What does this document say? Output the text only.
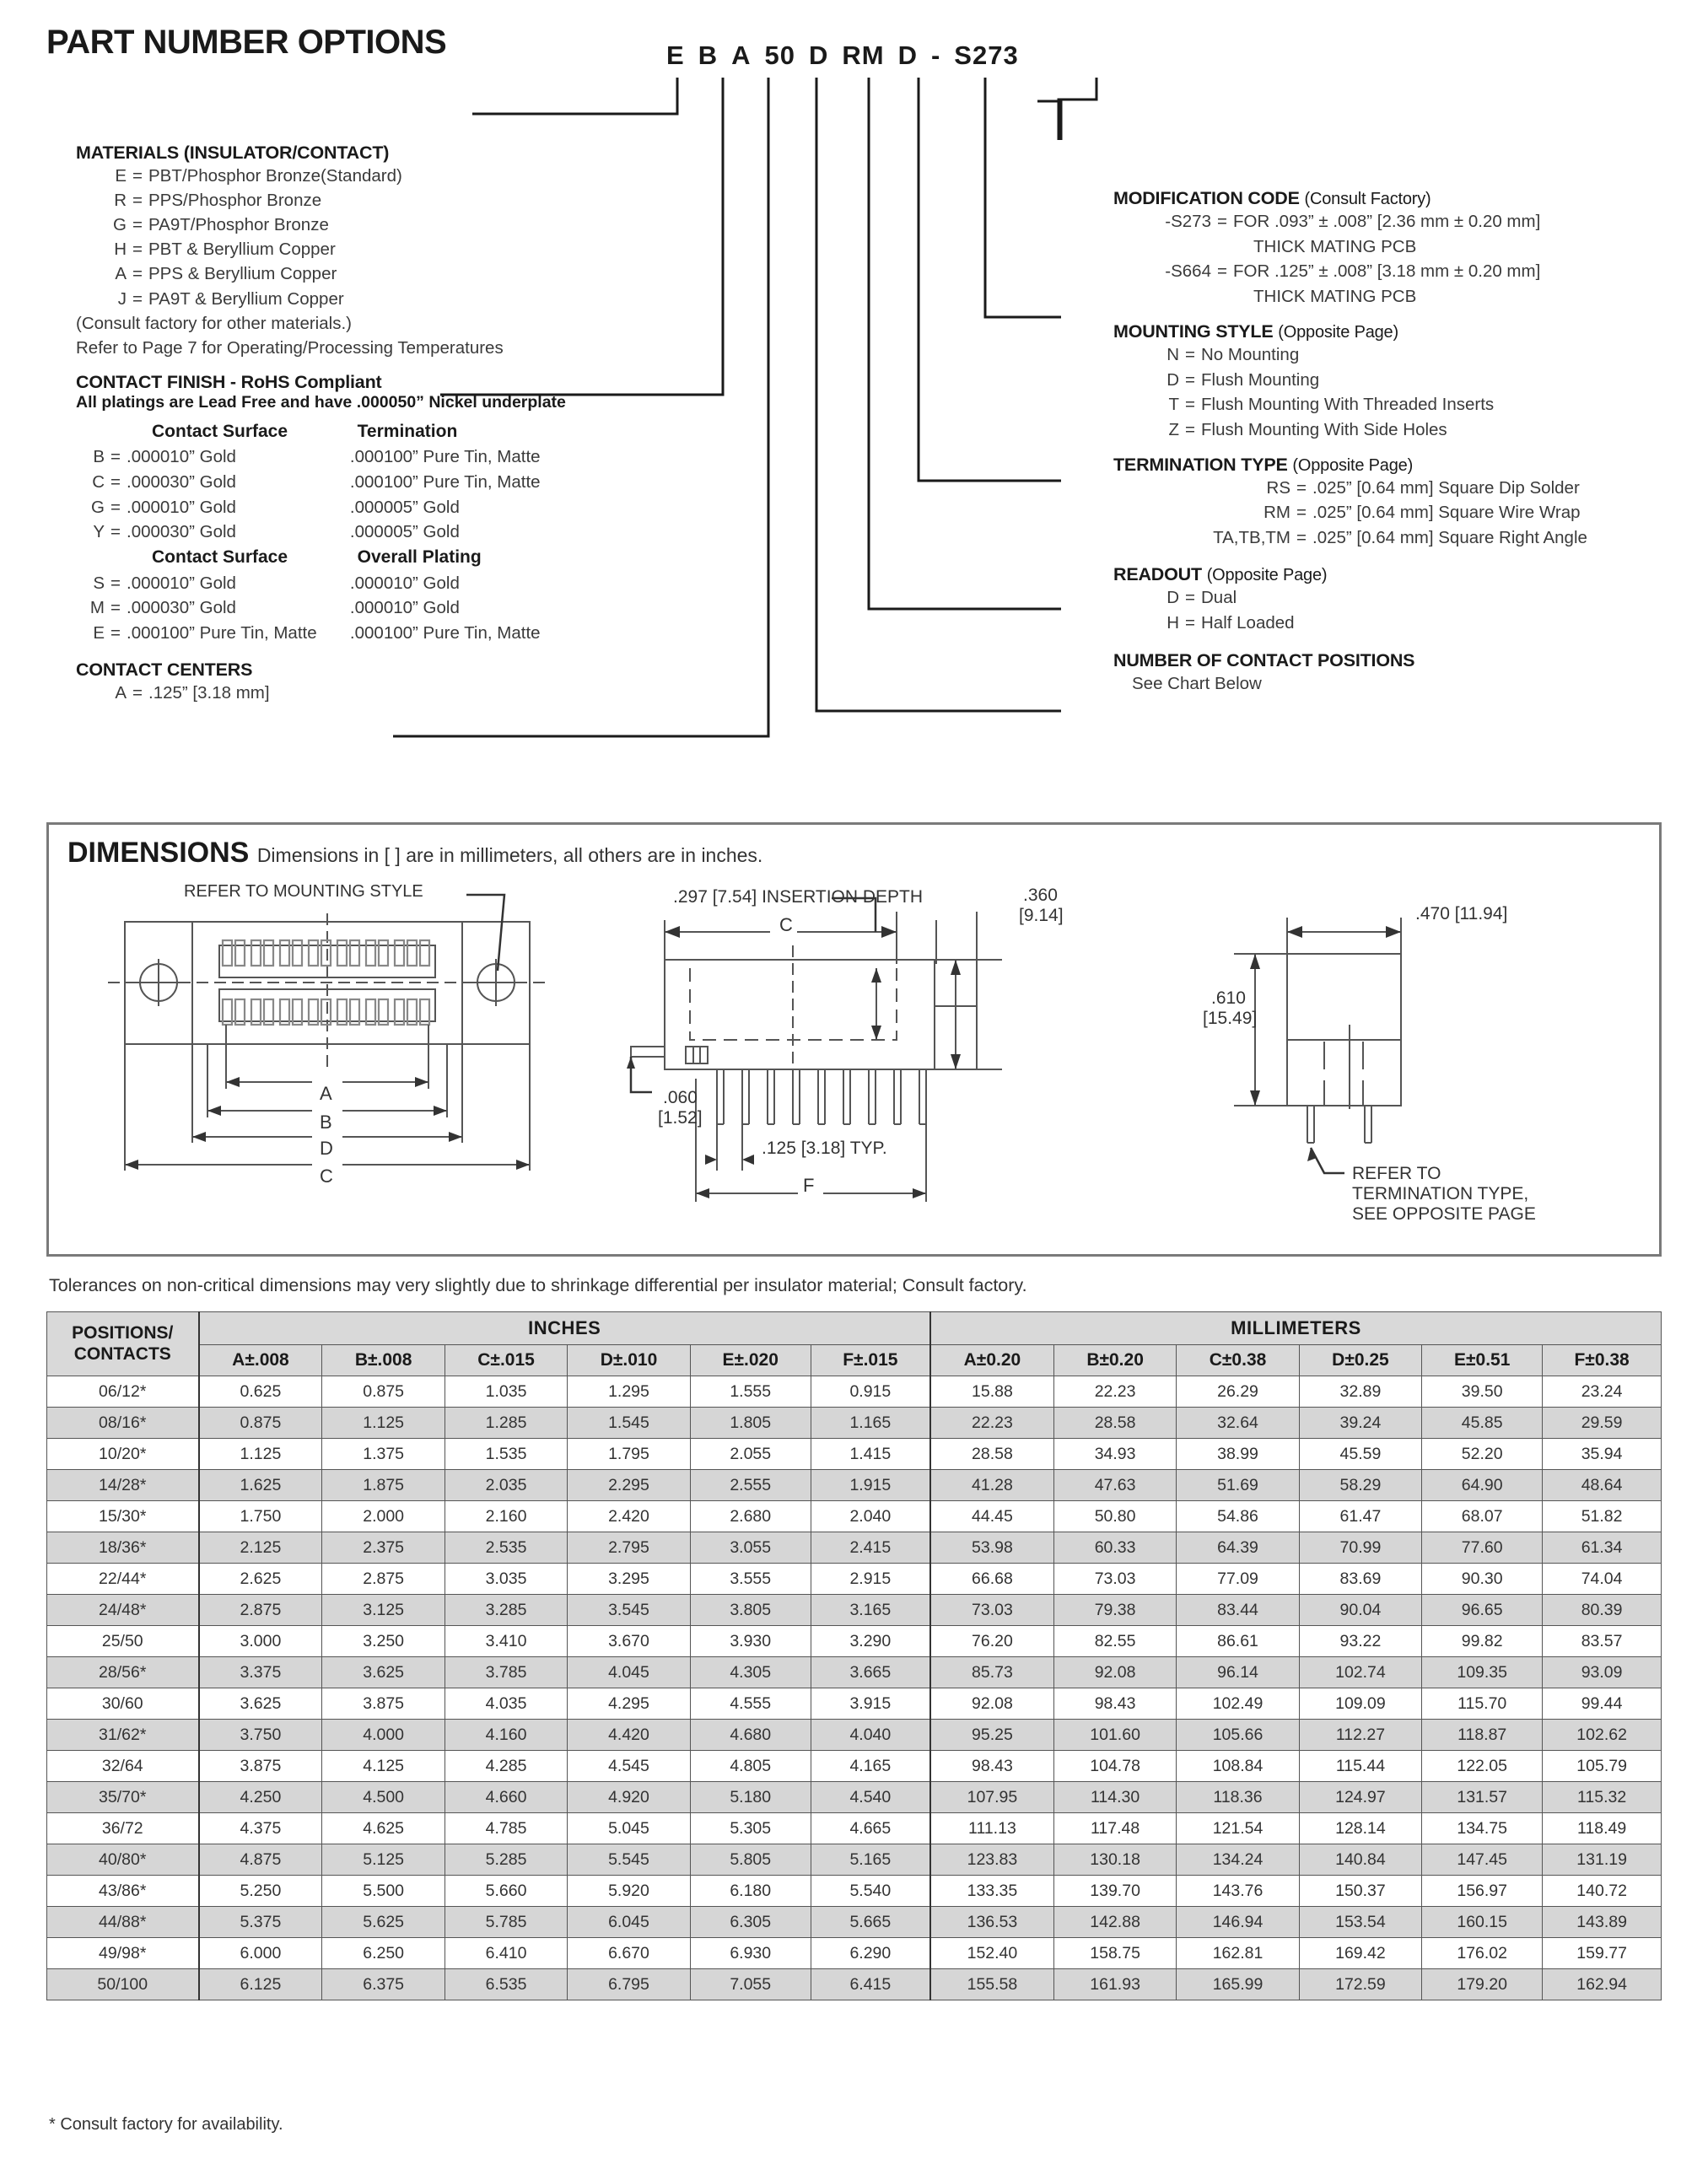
PART NUMBER OPTIONS	E B A 50 D RM D - S273
MATERIALS (INSULATOR/CONTACT)
E = PBT/Phosphor Bronze(Standard)
R = PPS/Phosphor Bronze
G = PA9T/Phosphor Bronze
H = PBT & Beryllium Copper
A = PPS & Beryllium Copper
J = PA9T & Beryllium Copper
(Consult factory for other materials.)
Refer to Page 7 for Operating/Processing Temperatures
CONTACT FINISH - RoHS Compliant
All platings are Lead Free and have .000050” Nickel underplate
Contact Surface	Termination
B = .000010” Gold	.000100” Pure Tin, Matte
C = .000030” Gold	.000100” Pure Tin, Matte
G = .000010” Gold	.000005” Gold
Y = .000030” Gold	.000005” Gold
Contact Surface	Overall Plating
S = .000010” Gold	.000010” Gold
M = .000030” Gold	.000010” Gold
E = .000100” Pure Tin, Matte	.000100” Pure Tin, Matte
CONTACT CENTERS
A = .125” [3.18 mm]
MODIFICATION CODE (Consult Factory)
-S273 = FOR .093” ± .008” [2.36 mm ± 0.20 mm]
THICK MATING PCB
-S664 = FOR .125” ± .008” [3.18 mm ± 0.20 mm]
THICK MATING PCB
MOUNTING STYLE (Opposite Page)
N = No Mounting
D = Flush Mounting
T = Flush Mounting With Threaded Inserts
Z = Flush Mounting With Side Holes
TERMINATION TYPE (Opposite Page)
RS = .025” [0.64 mm] Square Dip Solder
RM = .025” [0.64 mm] Square Wire Wrap
TA,TB,TM = .025” [0.64 mm] Square Right Angle
READOUT (Opposite Page)
D = Dual
H = Half Loaded
NUMBER OF CONTACT POSITIONS
See Chart Below
DIMENSIONS Dimensions in [ ] are in millimeters, all others are in inches.
REFER TO MOUNTING STYLE
A
B
D
C
.297 [7.54] INSERTION DEPTH
C
.360
[9.14]
.060
[1.52]
.125 [3.18] TYP.
F
.470 [11.94]
.610
[15.49]
REFER TO
TERMINATION TYPE,
SEE OPPOSITE PAGE
Tolerances on non-critical dimensions may very slightly due to shrinkage differential per insulator material; Consult factory.
POSITIONS/
CONTACTS	INCHES						MILLIMETERS					
	A±.008	B±.008	C±.015	D±.010	E±.020	F±.015	A±0.20	B±0.20	C±0.38	D±0.25	E±0.51	F±0.38
06/12*	0.625	0.875	1.035	1.295	1.555	0.915	15.88	22.23	26.29	32.89	39.50	23.24
08/16*	0.875	1.125	1.285	1.545	1.805	1.165	22.23	28.58	32.64	39.24	45.85	29.59
10/20*	1.125	1.375	1.535	1.795	2.055	1.415	28.58	34.93	38.99	45.59	52.20	35.94
14/28*	1.625	1.875	2.035	2.295	2.555	1.915	41.28	47.63	51.69	58.29	64.90	48.64
15/30*	1.750	2.000	2.160	2.420	2.680	2.040	44.45	50.80	54.86	61.47	68.07	51.82
18/36*	2.125	2.375	2.535	2.795	3.055	2.415	53.98	60.33	64.39	70.99	77.60	61.34
22/44*	2.625	2.875	3.035	3.295	3.555	2.915	66.68	73.03	77.09	83.69	90.30	74.04
24/48*	2.875	3.125	3.285	3.545	3.805	3.165	73.03	79.38	83.44	90.04	96.65	80.39
25/50	3.000	3.250	3.410	3.670	3.930	3.290	76.20	82.55	86.61	93.22	99.82	83.57
28/56*	3.375	3.625	3.785	4.045	4.305	3.665	85.73	92.08	96.14	102.74	109.35	93.09
30/60	3.625	3.875	4.035	4.295	4.555	3.915	92.08	98.43	102.49	109.09	115.70	99.44
31/62*	3.750	4.000	4.160	4.420	4.680	4.040	95.25	101.60	105.66	112.27	118.87	102.62
32/64	3.875	4.125	4.285	4.545	4.805	4.165	98.43	104.78	108.84	115.44	122.05	105.79
35/70*	4.250	4.500	4.660	4.920	5.180	4.540	107.95	114.30	118.36	124.97	131.57	115.32
36/72	4.375	4.625	4.785	5.045	5.305	4.665	111.13	117.48	121.54	128.14	134.75	118.49
40/80*	4.875	5.125	5.285	5.545	5.805	5.165	123.83	130.18	134.24	140.84	147.45	131.19
43/86*	5.250	5.500	5.660	5.920	6.180	5.540	133.35	139.70	143.76	150.37	156.97	140.72
44/88*	5.375	5.625	5.785	6.045	6.305	5.665	136.53	142.88	146.94	153.54	160.15	143.89
49/98*	6.000	6.250	6.410	6.670	6.930	6.290	152.40	158.75	162.81	169.42	176.02	159.77
50/100	6.125	6.375	6.535	6.795	7.055	6.415	155.58	161.93	165.99	172.59	179.20	162.94
* Consult factory for availability.
